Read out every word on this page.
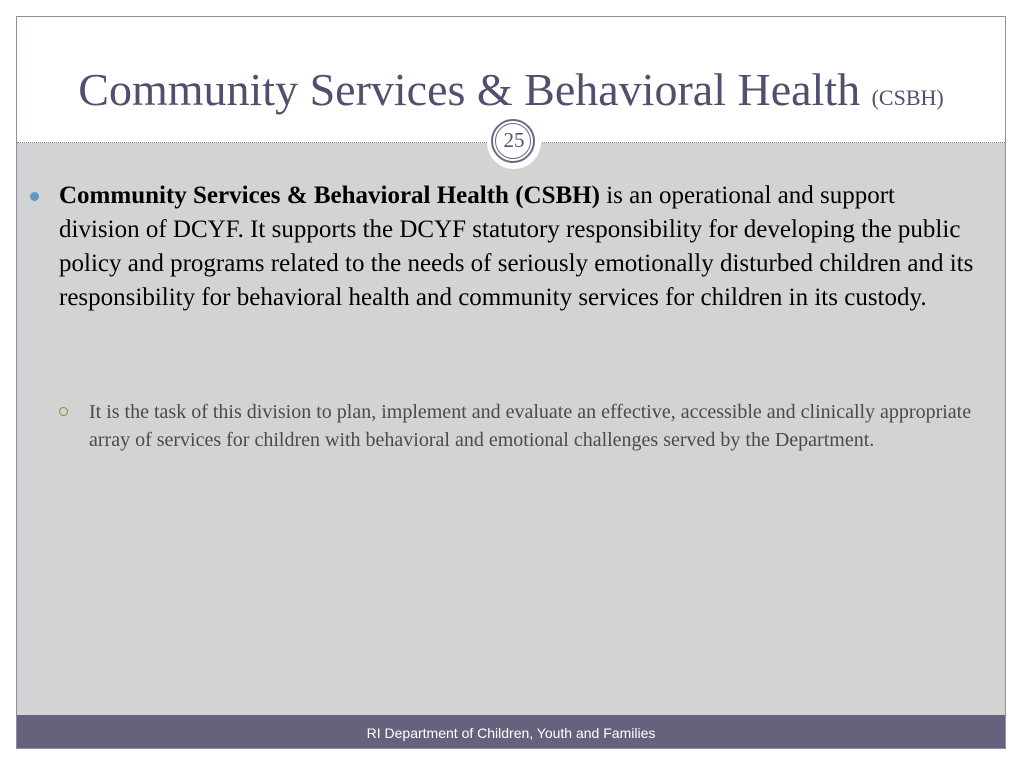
Community Services & Behavioral Health (CSBH)
25
Community Services & Behavioral Health (CSBH) is an operational and support division of DCYF. It supports the DCYF statutory responsibility for developing the public policy and programs related to the needs of seriously emotionally disturbed children and its responsibility for behavioral health and community services for children in its custody.
It is the task of this division to plan, implement and evaluate an effective, accessible and clinically appropriate array of services for children with behavioral and emotional challenges served by the Department.
RI Department of Children, Youth and Families
